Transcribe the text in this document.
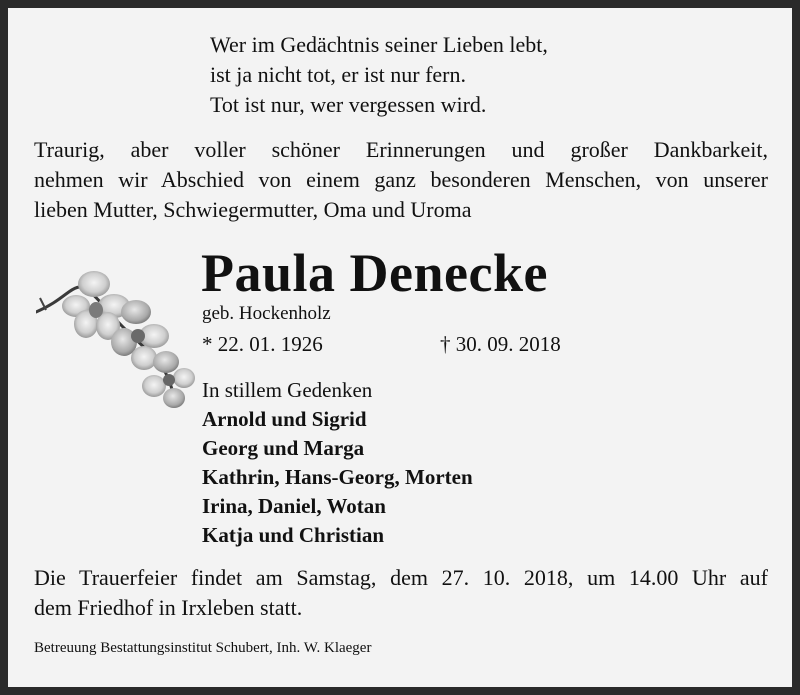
Wer im Gedächtnis seiner Lieben lebt,
ist ja nicht tot, er ist nur fern.
Tot ist nur, wer vergessen wird.
Traurig, aber voller schöner Erinnerungen und großer Dankbarkeit,
nehmen wir Abschied von einem ganz besonderen Menschen, von unserer
lieben Mutter, Schwiegermutter, Oma und Uroma
Paula Denecke
geb. Hockenholz
* 22. 01. 1926	† 30. 09. 2018
In stillem Gedenken
Arnold und Sigrid
Georg und Marga
Kathrin, Hans-Georg, Morten
Irina, Daniel, Wotan
Katja und Christian
Die Trauerfeier findet am Samstag, dem 27. 10. 2018, um 14.00 Uhr auf
dem Friedhof in Irxleben statt.
Betreuung Bestattungsinstitut Schubert, Inh. W. Klaeger
